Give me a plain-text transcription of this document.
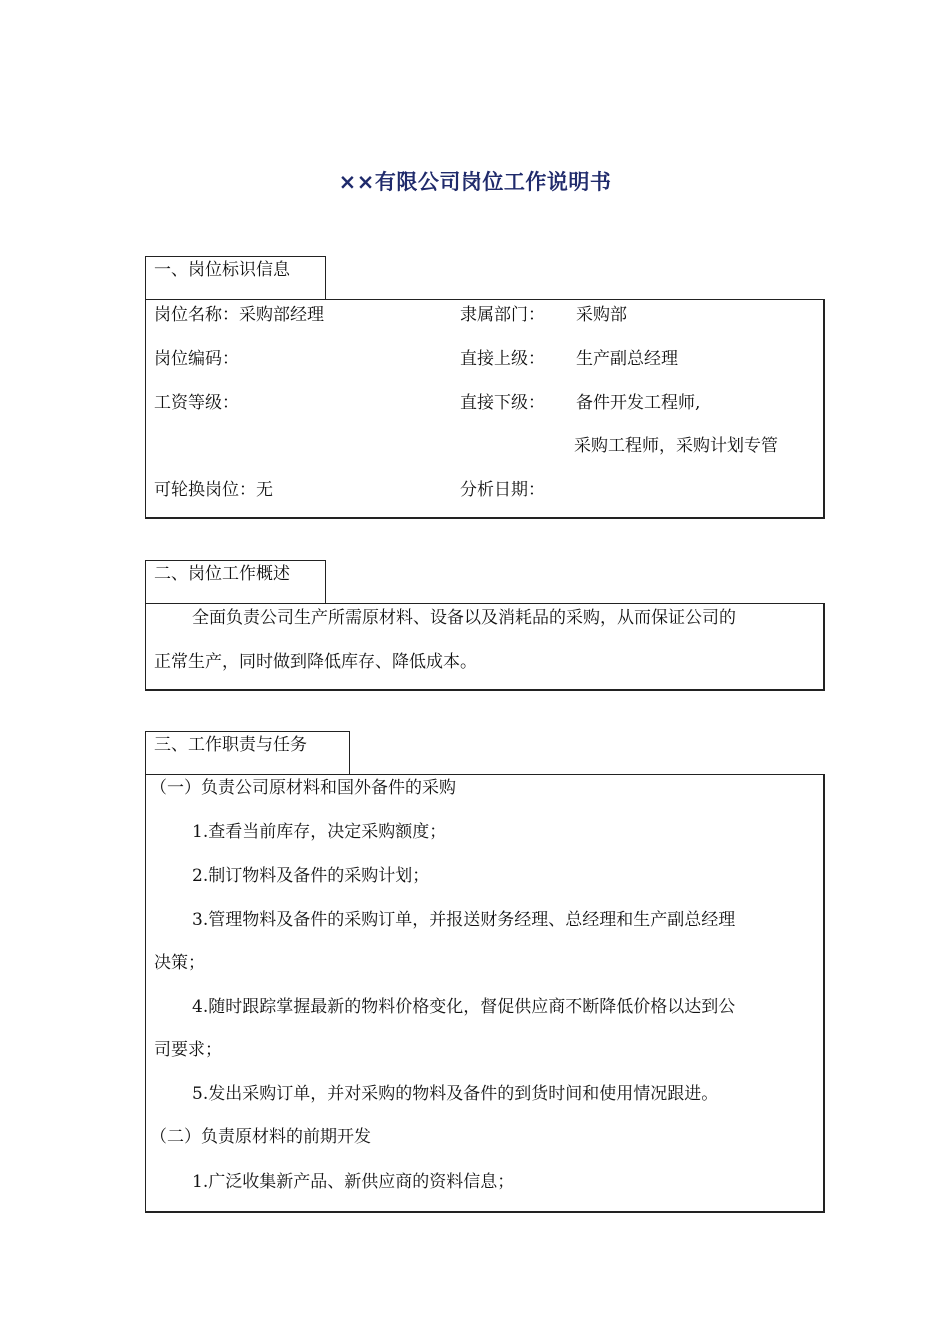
××有限公司岗位工作说明书
一、岗位标识信息
岗位名称：采购部经理	隶属部门： 采购部
岗位编码：	直接上级： 生产副总经理
工资等级：	直接下级： 备件开发工程师,
采购工程师，采购计划专管
可轮换岗位：无	分析日期：
二、岗位工作概述
全面负责公司生产所需原材料、设备以及消耗品的采购，从而保证公司的
正常生产，同时做到降低库存、降低成本。
三、工作职责与任务
（一）负责公司原材料和国外备件的采购
1.查看当前库存，决定采购额度；
2.制订物料及备件的采购计划；
3.管理物料及备件的采购订单，并报送财务经理、总经理和生产副总经理
决策；
4.随时跟踪掌握最新的物料价格变化，督促供应商不断降低价格以达到公
司要求；
5.发出采购订单，并对采购的物料及备件的到货时间和使用情况跟进。
（二）负责原材料的前期开发
1.广泛收集新产品、新供应商的资料信息；
